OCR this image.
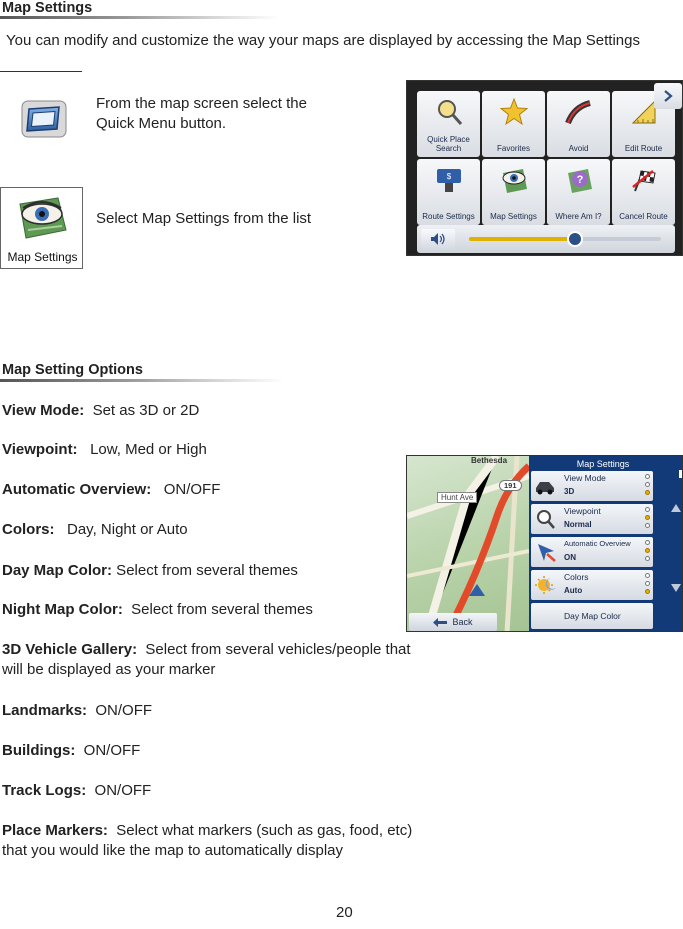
Map Settings
You can modify and customize the way your maps are displayed by accessing the Map Settings
From the map screen select the Quick Menu button.
Map Settings
Select Map Settings from the list
Quick Place Search	Favorites	Avoid	Edit Route
$
Route Settings Map Settings
?
Where Am I? Cancel Route
Map Setting Options
View Mode:  Set as 3D or 2D
Viewpoint:   Low, Med or High
Automatic Overview:   ON/OFF
Colors:   Day, Night or Auto
Day Map Color: Select from several themes
Night Map Color:  Select from several themes
3D Vehicle Gallery:  Select from several vehicles/people that will be displayed as your marker
Landmarks:  ON/OFF
Buildings:  ON/OFF
Track Logs:  ON/OFF
Place Markers:  Select what markers (such as gas, food, etc) that you would like the map to automatically display
Bethesda
191
Hunt Ave
Back
Map Settings
View Mode
3D
Viewpoint
Normal
Automatic Overview
ON
Colors
Auto
Day Map Color
20
